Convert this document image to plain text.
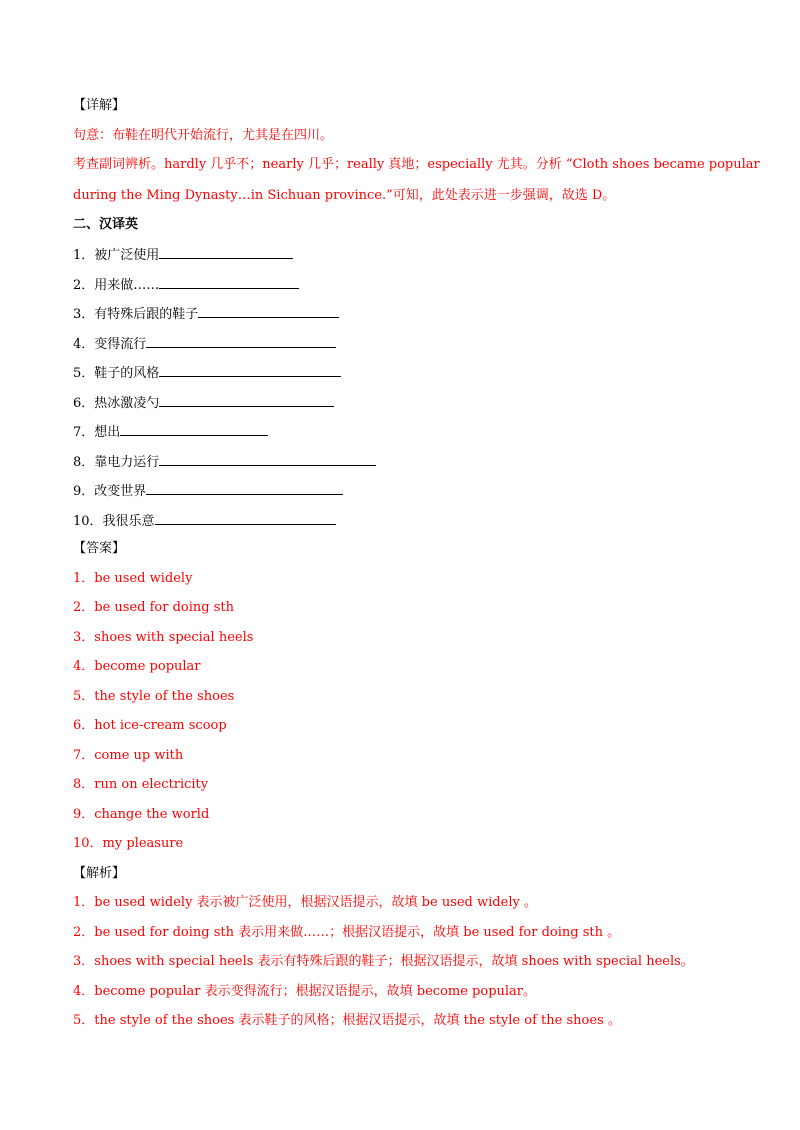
【详解】
句意：布鞋在明代开始流行，尤其是在四川。
考查副词辨析。hardly 几乎不；nearly 几乎；really 真地；especially 尤其。分析 “Cloth shoes became popular
during the Ming Dynasty…in Sichuan province.”可知，此处表示进一步强调，故选 D。
二、汉译英
1．被广泛使用
2．用来做……
3．有特殊后跟的鞋子
4．变得流行
5．鞋子的风格
6．热冰激凌勺
7．想出
8．靠电力运行
9．改变世界
10．我很乐意
【答案】
1．be used widely
2．be used for doing sth
3．shoes with special heels
4．become popular
5．the style of the shoes
6．hot ice-cream scoop
7．come up with
8．run on electricity
9．change the world
10．my pleasure
【解析】
1．be used widely 表示被广泛使用，根据汉语提示，故填 be used widely 。
2．be used for doing sth 表示用来做……；根据汉语提示，故填 be used for doing sth 。
3．shoes with special heels 表示有特殊后跟的鞋子；根据汉语提示，故填 shoes with special heels。
4．become popular 表示变得流行；根据汉语提示，故填 become popular。
5．the style of the shoes 表示鞋子的风格；根据汉语提示，故填 the style of the shoes 。
